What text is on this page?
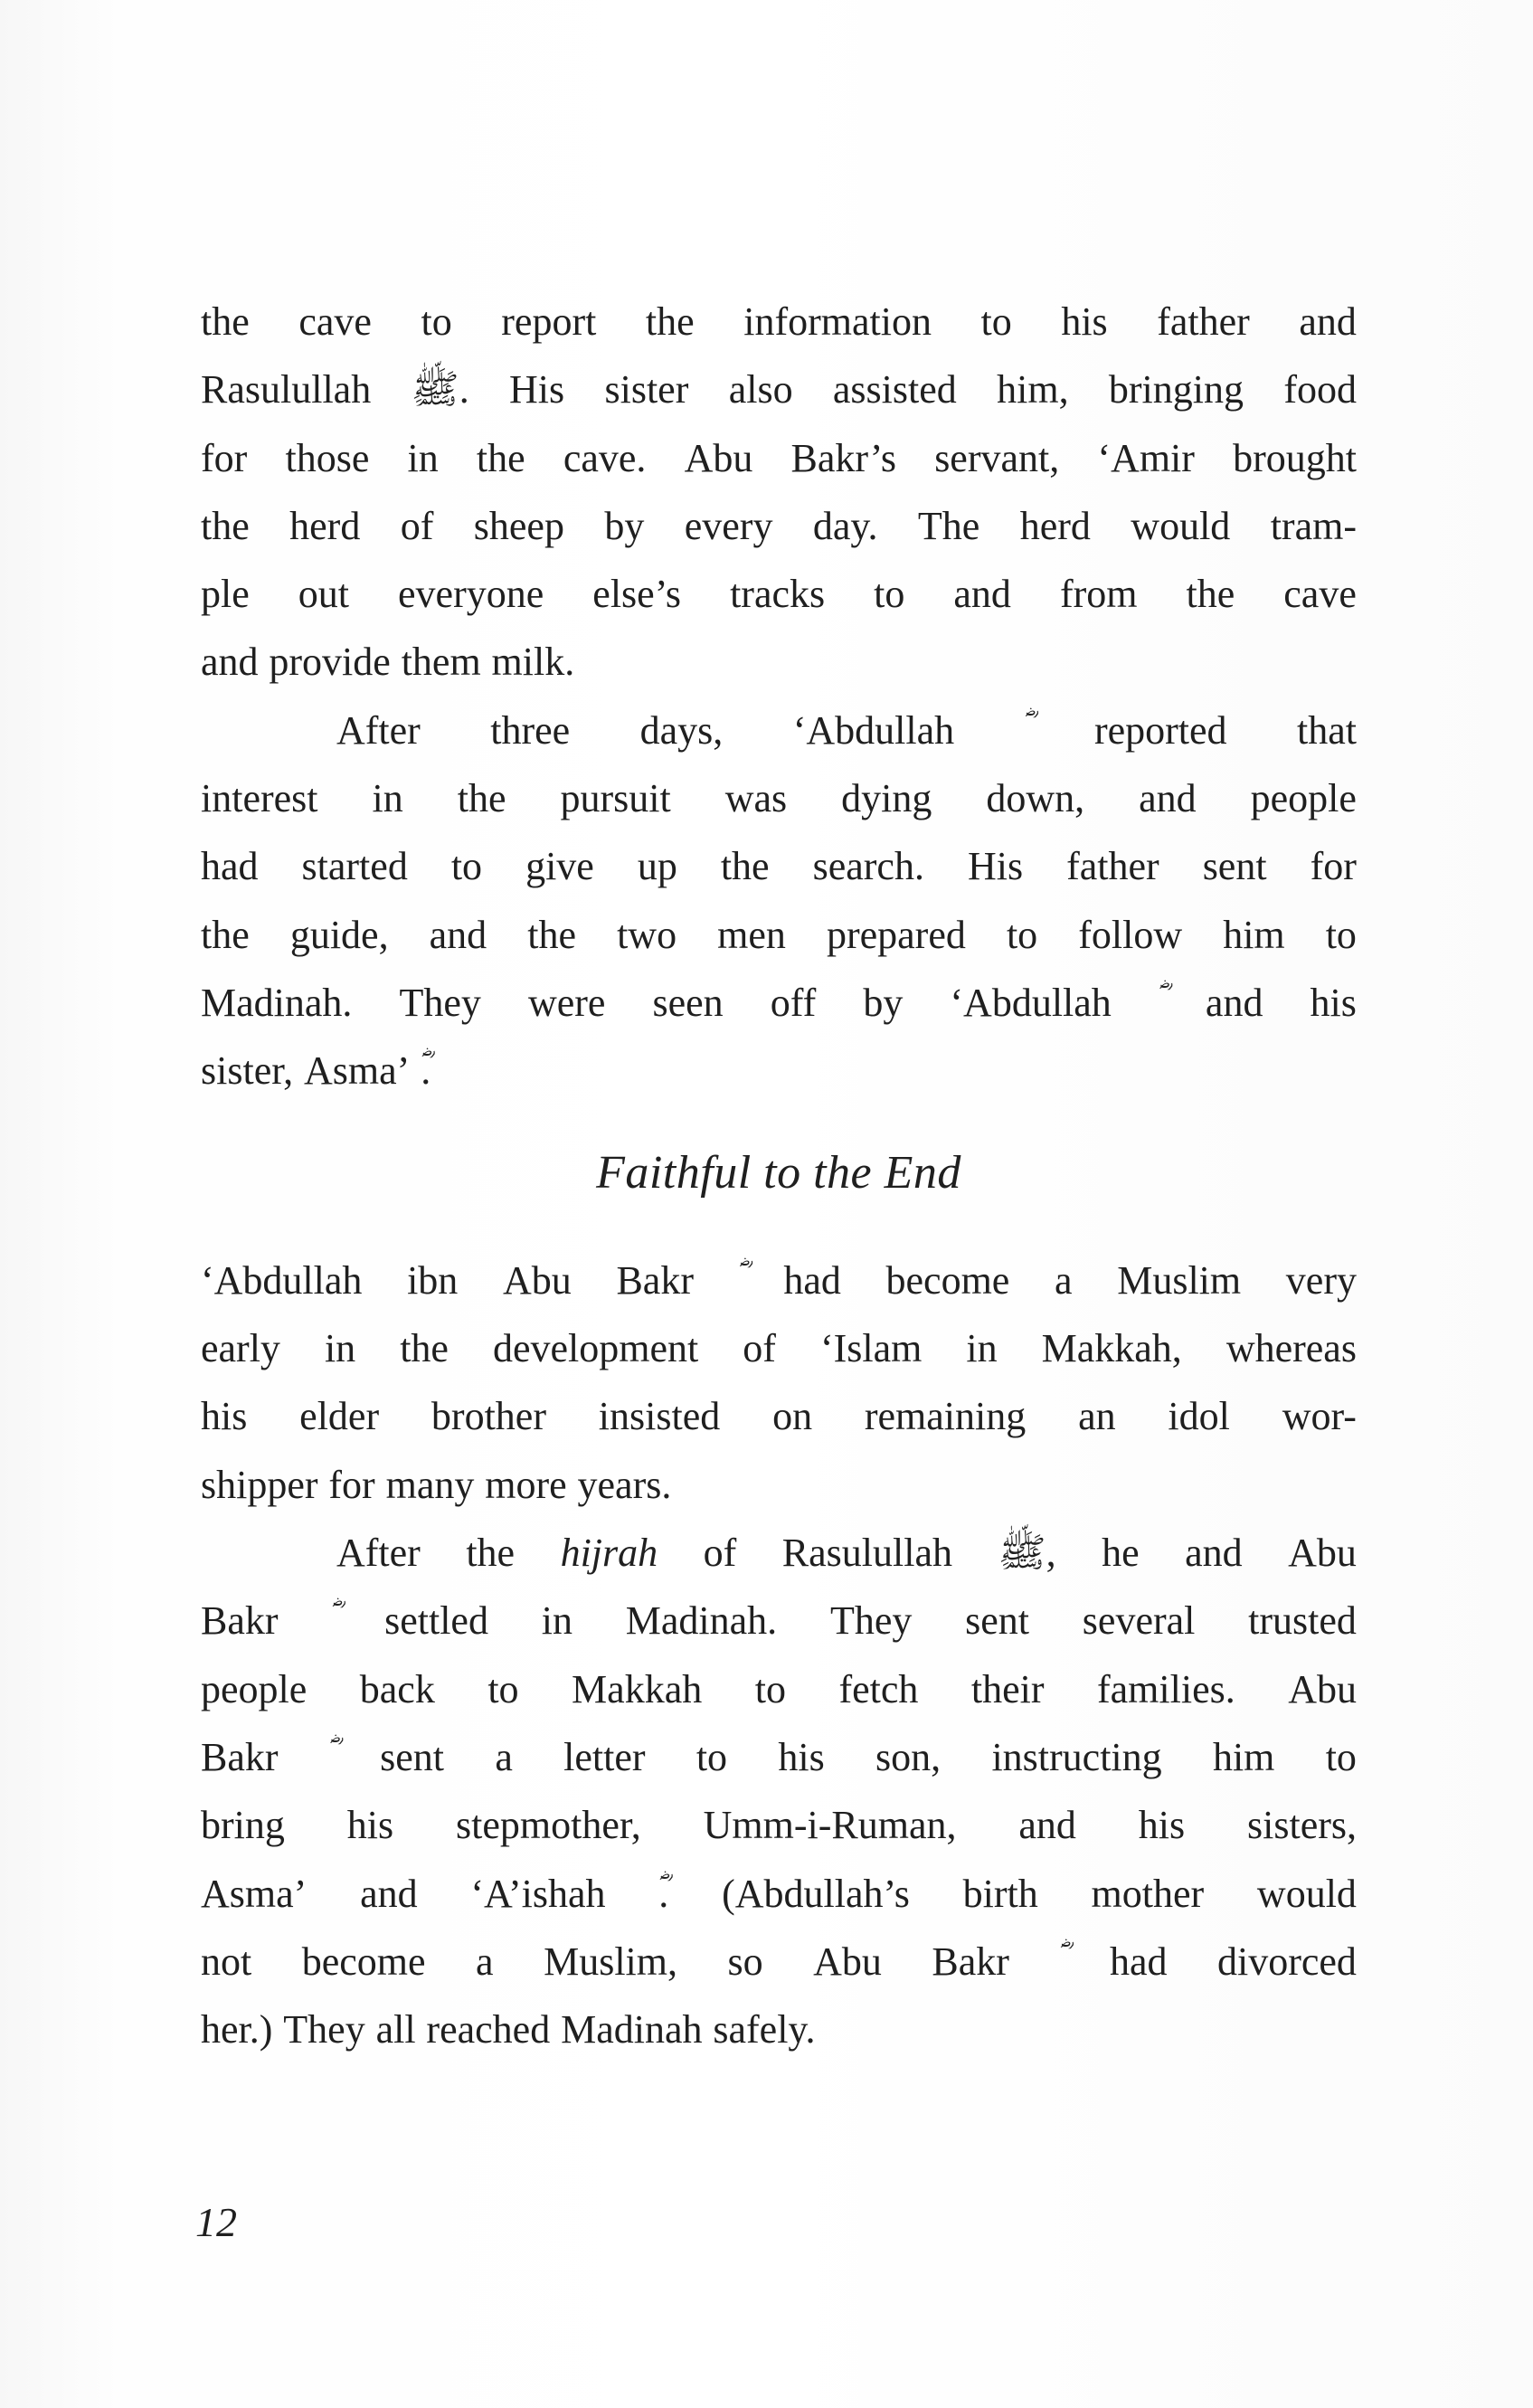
the cave to report the information to his father and
Rasulullah ﷺ. His sister also assisted him, bringing food
for those in the cave. Abu Bakr’s servant, ‘Amir brought
the herd of sheep by every day. The herd would tram-
ple out everyone else’s tracks to and from the cave
and provide them milk.
After three days, ‘Abdullah	reported that
interest in the pursuit was dying down, and people
had started to give up the search. His father sent for
the guide, and the two men prepared to follow him to
Madinah. They were seen off by ‘Abdullah and his
sister, Asma’ ؓ.
Faithful to the End
‘Abdullah ibn Abu Bakr had become a Muslim very
early in the development of ‘Islam in Makkah, whereas
his elder brother insisted on remaining an idol wor-
shipper for many more years.
After the hijrah of Rasulullah ﷺ, he and Abu
Bakr	settled in Madinah. They sent several trusted
people back to Makkah to fetch their families. Abu
Bakr	sent a letter to his son, instructing him to
bring his stepmother, Umm-i-Ruman, and his sisters,
Asma’ and ‘A’ishah ؓ. (Abdullah’s birth mother would
not become a Muslim, so Abu Bakr	had divorced
her.) They all reached Madinah safely.
12
